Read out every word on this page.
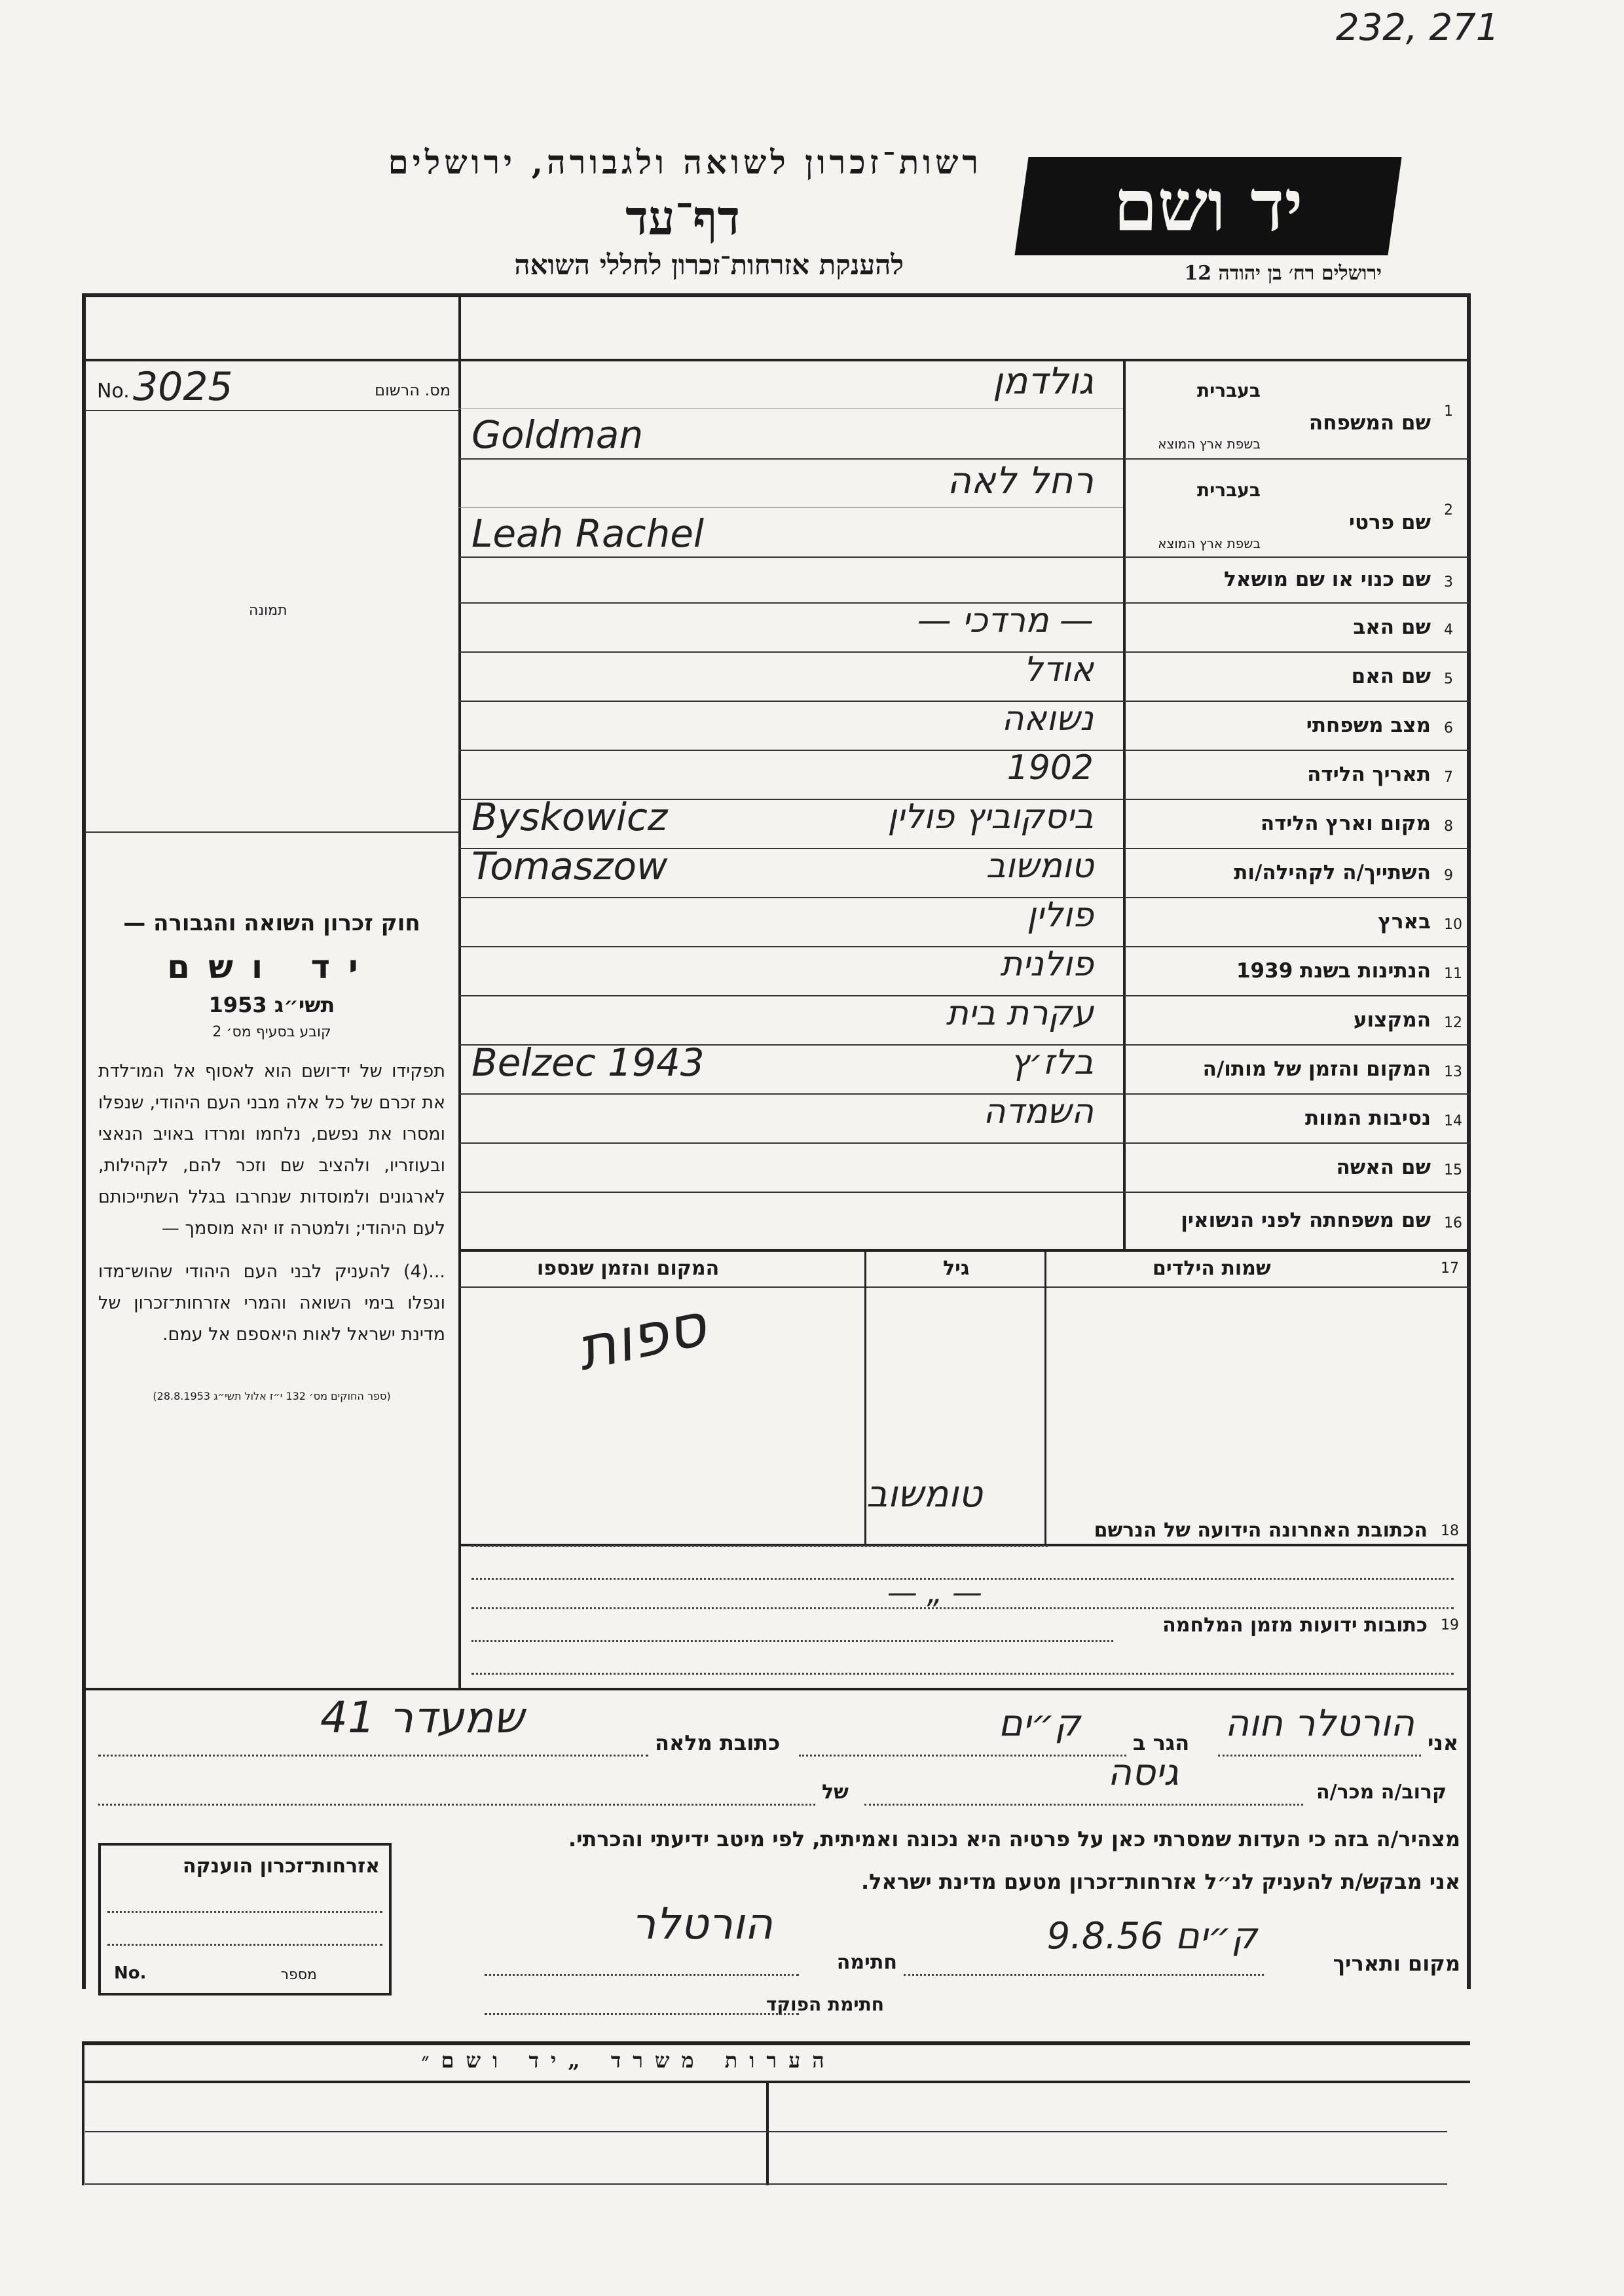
232, 271
רשות־זכרון לשואה ולגבורה, ירושלים
דף־עד
להענקת אזרחות־זכרון לחללי השואה
יד ושם
ירושלים רח׳ בן יהודה 12
No. 3025	מס. הרשום
תמונה
חוק זכרון השואה והגבורה —
יד ושם
תשי״ג 1953
קובע בסעיף מס׳ 2
תפקידו של יד־ושם הוא לאסוף אל המו־לדת את זכרם של כל אלה מבני העם היהודי, שנפלו ומסרו את נפשם, נלחמו ומרדו באויב הנאצי ובעוזריו, ולהציב שם וזכר להם, לקהילות, לארגונים ולמוסדות שנחרבו בגלל השתייכותם לעם היהודי; ולמטרה זו יהא מוסמך —
...(4) להעניק לבני העם היהודי שהוש־מדו ונפלו בימי השואה והמרי אזרחות־זכרון של מדינת ישראל לאות היאספם אל עמם.
(ספר החוקים מס׳ 132 י״ז אלול תשי״ג 28.8.1953)
1
שם המשפחה
בעברית
בשפת ארץ המוצא
גולדמן
Goldman
2
שם פרטי
בעברית
בשפת ארץ המוצא
רחל לאה
Leah Rachel
3
שם כנוי או שם מושאל
4
שם האב
— מרדכי —
5
שם האם
אודל
6
מצב משפחתי
נשואה
7
תאריך הלידה
1902
8
מקום וארץ הלידה
ביסקוביץ פולין
Byskowicz
9
השתייך/ה לקהילה/ות
טומשוב
Tomaszow
10
בארץ
פולין
11
הנתינות בשנת 1939
פולנית
12
המקצוע
עקרת בית
13
המקום והזמן של מותו/ה
בלז׳ץ
Belzec 1943
14
נסיבות המוות
השמדה
15
שם האשה
16
שם משפחתה לפני הנשואין
17
שמות הילדים
גיל
המקום והזמן שנספו
ספות
18
הכתובת האחרונה הידועה של הנרשם
טומשוב
19
כתובות ידועות מזמן המלחמה
— „ —
אני
הורטלר חוה
הגר ב
ק״ים
כתובת מלאה
שמעדר 41
קרוב/ה מכר/ה
גיסה
של
מצהיר/ה בזה כי העדות שמסרתי כאן על פרטיה היא נכונה ואמיתית, לפי מיטב ידיעתי והכרתי.
אני מבקש/ת להעניק לנ״ל אזרחות־זכרון מטעם מדינת ישראל.
מקום ותאריך
ק״ים 9.8.56
חתימה
הורטלר
חתימת הפוקד
אזרחות־זכרון הוענקה
No.	מספר
הערות משרד „יד ושם״
